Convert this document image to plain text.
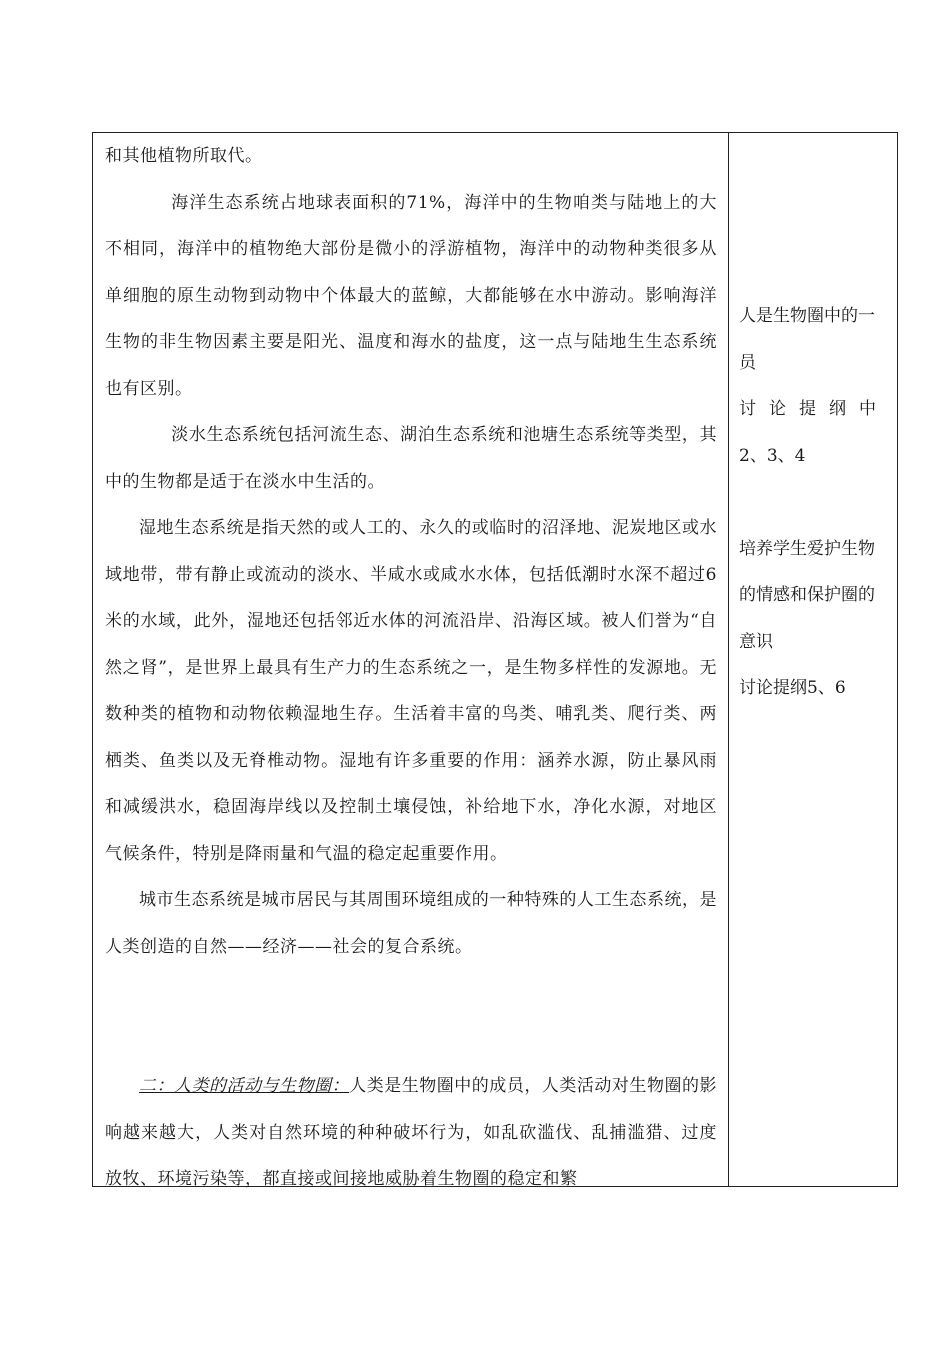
和其他植物所取代。

海洋生态系统占地球表面积的71%，海洋中的生物咱类与陆地上的大不相同，海洋中的植物绝大部份是微小的浮游植物，海洋中的动物种类很多从单细胞的原生动物到动物中个体最大的蓝鲸，大都能够在水中游动。影响海洋生物的非生物因素主要是阳光、温度和海水的盐度，这一点与陆地生生态系统也有区别。

淡水生态系统包括河流生态、湖泊生态系统和池塘生态系统等类型，其中的生物都是适于在淡水中生活的。

湿地生态系统是指天然的或人工的、永久的或临时的沼泽地、泥炭地区或水域地带，带有静止或流动的淡水、半咸水或咸水水体，包括低潮时水深不超过6米的水域，此外，湿地还包括邻近水体的河流沿岸、沿海区域。被人们誉为“自然之肾”，是世界上最具有生产力的生态系统之一，是生物多样性的发源地。无数种类的植物和动物依赖湿地生存。生活着丰富的鸟类、哺乳类、爬行类、两栖类、鱼类以及无脊椎动物。湿地有许多重要的作用：涵养水源，防止暴风雨和减缓洪水，稳固海岸线以及控制土壤侵蚀，补给地下水，净化水源，对地区气候条件，特别是降雨量和气温的稳定起重要作用。

城市生态系统是城市居民与其周围环境组成的一种特殊的人工生态系统，是人类创造的自然——经济——社会的复合系统。

二：人类的活动与生物圈：人类是生物圈中的成员，人类活动对生物圈的影响越来越大，人类对自然环境的种种破坏行为，如乱砍滥伐、乱捕滥猎、过度放牧、环境污染等，都直接或间接地威胁着生物圈的稳定和繁

人是生物圈中的一员

讨论提纲中

2、3、4

培养学生爱护生物的情感和保护圈的意识

讨论提纲5、6
